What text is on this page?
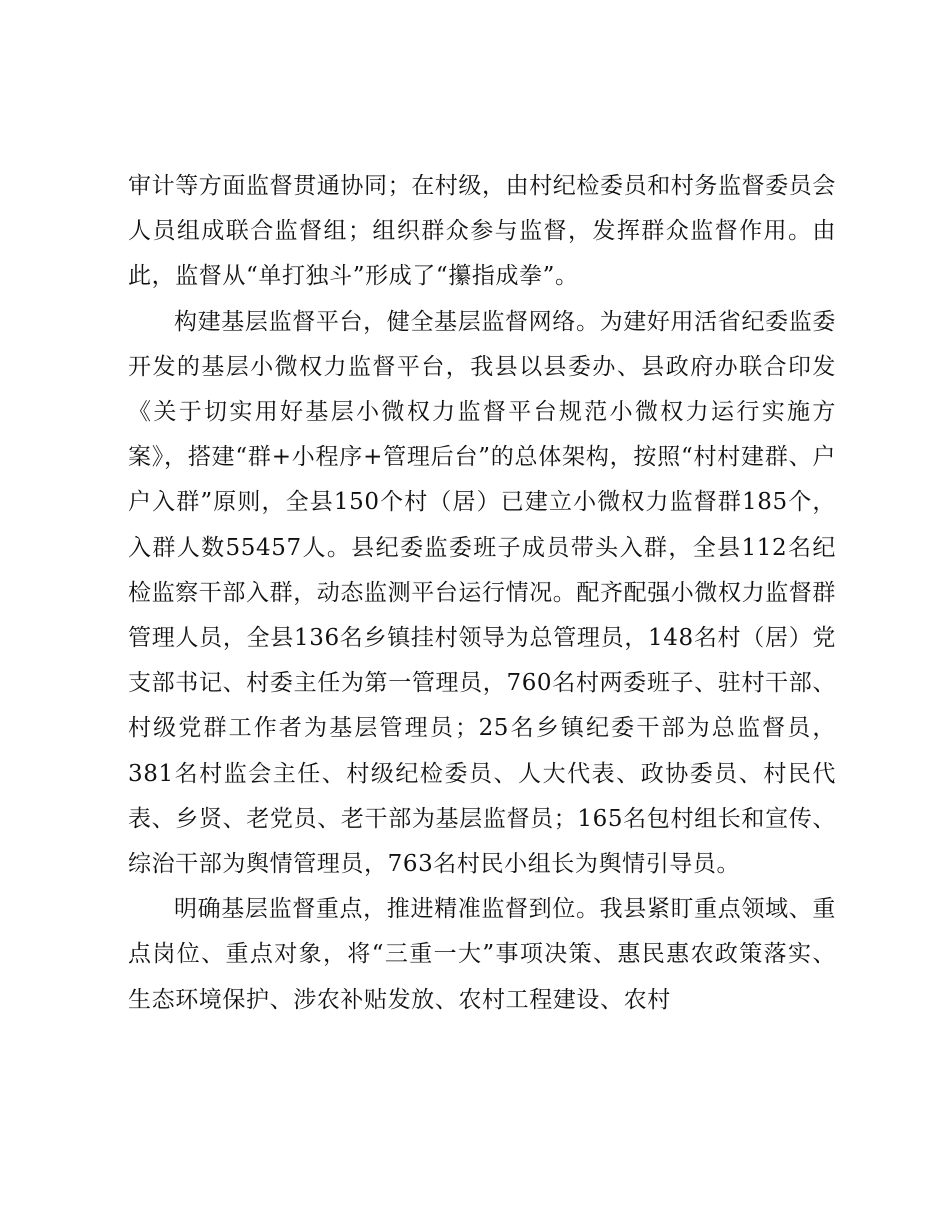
审计等方面监督贯通协同；在村级，由村纪检委员和村务监督委员会人员组成联合监督组；组织群众参与监督，发挥群众监督作用。由此，监督从“单打独斗”形成了“攥指成拳”。

构建基层监督平台，健全基层监督网络。为建好用活省纪委监委开发的基层小微权力监督平台，我县以县委办、县政府办联合印发《关于切实用好基层小微权力监督平台规范小微权力运行实施方案》，搭建“群+小程序+管理后台”的总体架构，按照“村村建群、户户入群”原则，全县150个村（居）已建立小微权力监督群185个，入群人数55457人。县纪委监委班子成员带头入群，全县112名纪检监察干部入群，动态监测平台运行情况。配齐配强小微权力监督群管理人员，全县136名乡镇挂村领导为总管理员，148名村（居）党支部书记、村委主任为第一管理员，760名村两委班子、驻村干部、村级党群工作者为基层管理员；25名乡镇纪委干部为总监督员，381名村监会主任、村级纪检委员、人大代表、政协委员、村民代表、乡贤、老党员、老干部为基层监督员；165名包村组长和宣传、综治干部为舆情管理员，763名村民小组长为舆情引导员。

明确基层监督重点，推进精准监督到位。我县紧盯重点领域、重点岗位、重点对象，将“三重一大”事项决策、惠民惠农政策落实、生态环境保护、涉农补贴发放、农村工程建设、农村
